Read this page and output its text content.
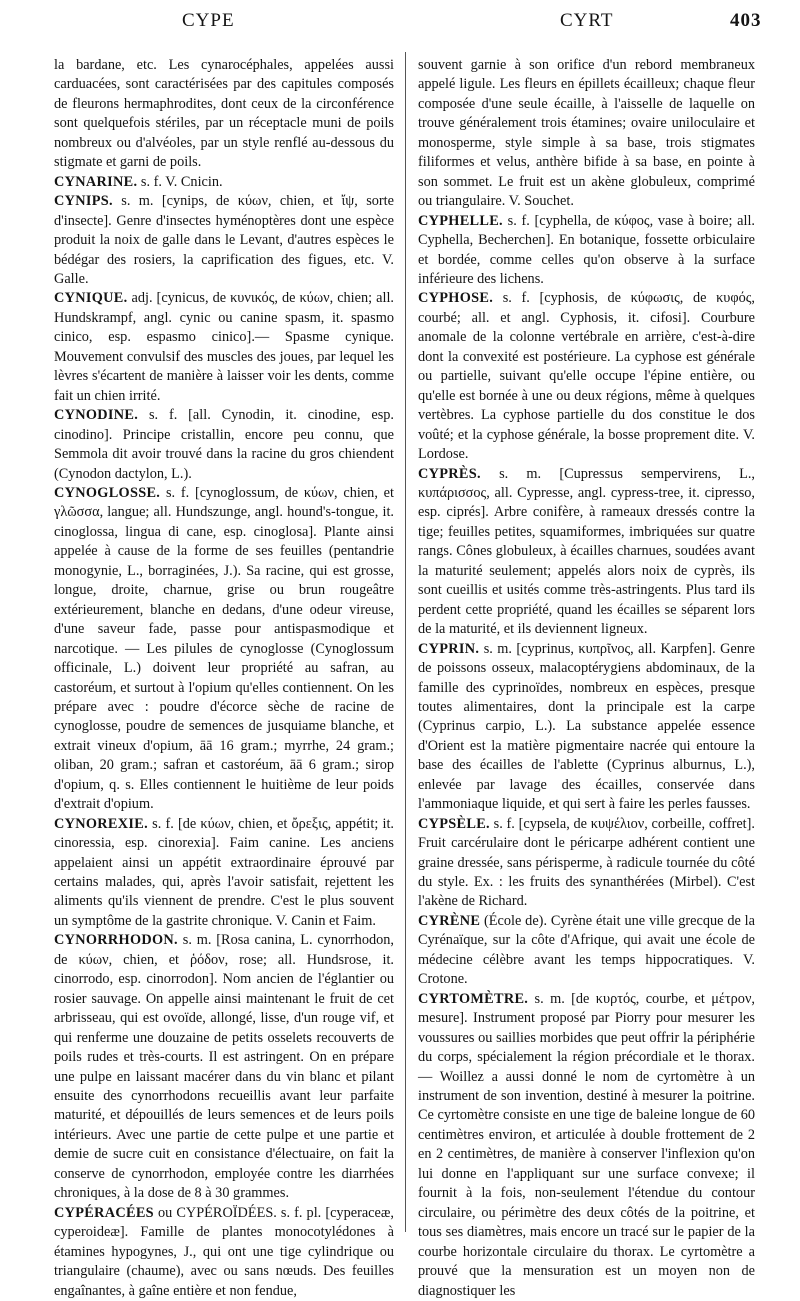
CYPE	CYRT	403

la bardane, etc. Les cynarocéphales, appelées aussi carduacées, sont caractérisées par des capitules composés de fleurons hermaphrodites, dont ceux de la circonférence sont quelquefois stériles, par un réceptacle muni de poils nombreux ou d'alvéoles, par un style renflé au-dessous du stigmate et garni de poils.

CYNARINE. s. f. V. Cnicin.

CYNIPS. s. m. [cynips, de κύων, chien, et ἴψ, sorte d'insecte]. Genre d'insectes hyménoptères dont une espèce produit la noix de galle dans le Levant, d'autres espèces le bédégar des rosiers, la caprification des figues, etc. V. Galle.

CYNIQUE. adj. [cynicus, de κυνικός, de κύων, chien; all. Hundskrampf, angl. cynic ou canine spasm, it. spasmo cinico, esp. espasmo cinico].— Spasme cynique. Mouvement convulsif des muscles des joues, par lequel les lèvres s'écartent de manière à laisser voir les dents, comme fait un chien irrité.

CYNODINE. s. f. [all. Cynodin, it. cinodine, esp. cinodino]. Principe cristallin, encore peu connu, que Semmola dit avoir trouvé dans la racine du gros chiendent (Cynodon dactylon, L.).

CYNOGLOSSE. s. f. [cynoglossum, de κύων, chien, et γλῶσσα, langue; all. Hundszunge, angl. hound's-tongue, it. cinoglossa, lingua di cane, esp. cinoglosa]. Plante ainsi appelée à cause de la forme de ses feuilles (pentandrie monogynie, L., borraginées, J.). Sa racine, qui est grosse, longue, droite, charnue, grise ou brun rougeâtre extérieurement, blanche en dedans, d'une odeur vireuse, d'une saveur fade, passe pour antispasmodique et narcotique. — Les pilules de cynoglosse (Cynoglossum officinale, L.) doivent leur propriété au safran, au castoréum, et surtout à l'opium qu'elles contiennent. On les prépare avec : poudre d'écorce sèche de racine de cynoglosse, poudre de semences de jusquiame blanche, et extrait vineux d'opium, āā 16 gram.; myrrhe, 24 gram.; oliban, 20 gram.; safran et castoréum, āā 6 gram.; sirop d'opium, q. s. Elles contiennent le huitième de leur poids d'extrait d'opium.

CYNOREXIE. s. f. [de κύων, chien, et ὄρεξις, appétit; it. cinoressia, esp. cinorexia]. Faim canine. Les anciens appelaient ainsi un appétit extraordinaire éprouvé par certains malades, qui, après l'avoir satisfait, rejettent les aliments qu'ils viennent de prendre. C'est le plus souvent un symptôme de la gastrite chronique. V. Canin et Faim.

CYNORRHODON. s. m. [Rosa canina, L. cynorrhodon, de κύων, chien, et ῥόδον, rose; all. Hundsrose, it. cinorrodo, esp. cinorrodon]. Nom ancien de l'églantier ou rosier sauvage. On appelle ainsi maintenant le fruit de cet arbrisseau, qui est ovoïde, allongé, lisse, d'un rouge vif, et qui renferme une douzaine de petits osselets recouverts de poils rudes et très-courts. Il est astringent. On en prépare une pulpe en laissant macérer dans du vin blanc et pilant ensuite des cynorrhodons recueillis avant leur parfaite maturité, et dépouillés de leurs semences et de leurs poils intérieurs. Avec une partie de cette pulpe et une partie et demie de sucre cuit en consistance d'électuaire, on fait la conserve de cynorrhodon, employée contre les diarrhées chroniques, à la dose de 8 à 30 grammes.

CYPÉRACÉES ou CYPÉROÏDÉES. s. f. pl. [cyperaceæ, cyperoideæ]. Famille de plantes monocotylédones à étamines hypogynes, J., qui ont une tige cylindrique ou triangulaire (chaume), avec ou sans nœuds. Des feuilles engaînantes, à gaîne entière et non fendue,

souvent garnie à son orifice d'un rebord membraneux appelé ligule. Les fleurs en épillets écailleux; chaque fleur composée d'une seule écaille, à l'aisselle de laquelle on trouve généralement trois étamines; ovaire uniloculaire et monosperme, style simple à sa base, trois stigmates filiformes et velus, anthère bifide à sa base, en pointe à son sommet. Le fruit est un akène globuleux, comprimé ou triangulaire. V. Souchet.

CYPHELLE. s. f. [cyphella, de κύφος, vase à boire; all. Cyphella, Becherchen]. En botanique, fossette orbiculaire et bordée, comme celles qu'on observe à la surface inférieure des lichens.

CYPHOSE. s. f. [cyphosis, de κύφωσις, de κυφός, courbé; all. et angl. Cyphosis, it. cifosi]. Courbure anomale de la colonne vertébrale en arrière, c'est-à-dire dont la convexité est postérieure. La cyphose est générale ou partielle, suivant qu'elle occupe l'épine entière, ou qu'elle est bornée à une ou deux régions, même à quelques vertèbres. La cyphose partielle du dos constitue le dos voûté; et la cyphose générale, la bosse proprement dite. V. Lordose.

CYPRÈS. s. m. [Cupressus sempervirens, L., κυπάρισσος, all. Cypresse, angl. cypress-tree, it. cipresso, esp. ciprés]. Arbre conifère, à rameaux dressés contre la tige; feuilles petites, squamiformes, imbriquées sur quatre rangs. Cônes globuleux, à écailles charnues, soudées avant la maturité seulement; appelés alors noix de cyprès, ils sont cueillis et usités comme très-astringents. Plus tard ils perdent cette propriété, quand les écailles se séparent lors de la maturité, et ils deviennent ligneux.

CYPRIN. s. m. [cyprinus, κυπρῖνος, all. Karpfen]. Genre de poissons osseux, malacoptérygiens abdominaux, de la famille des cyprinoïdes, nombreux en espèces, presque toutes alimentaires, dont la principale est la carpe (Cyprinus carpio, L.). La substance appelée essence d'Orient est la matière pigmentaire nacrée qui entoure la base des écailles de l'ablette (Cyprinus alburnus, L.), enlevée par lavage des écailles, conservée dans l'ammoniaque liquide, et qui sert à faire les perles fausses.

CYPSÈLE. s. f. [cypsela, de κυψέλιον, corbeille, coffret]. Fruit carcérulaire dont le péricarpe adhérent contient une graine dressée, sans périsperme, à radicule tournée du côté du style. Ex. : les fruits des synanthérées (Mirbel). C'est l'akène de Richard.

CYRÈNE (École de). Cyrène était une ville grecque de la Cyrénaïque, sur la côte d'Afrique, qui avait une école de médecine célèbre avant les temps hippocratiques. V. Crotone.

CYRTOMÈTRE. s. m. [de κυρτός, courbe, et μέτρον, mesure]. Instrument proposé par Piorry pour mesurer les voussures ou saillies morbides que peut offrir la périphérie du corps, spécialement la région précordiale et le thorax. — Woillez a aussi donné le nom de cyrtomètre à un instrument de son invention, destiné à mesurer la poitrine. Ce cyrtomètre consiste en une tige de baleine longue de 60 centimètres environ, et articulée à double frottement de 2 en 2 centimètres, de manière à conserver l'inflexion qu'on lui donne en l'appliquant sur une surface convexe; il fournit à la fois, non-seulement l'étendue du contour circulaire, ou périmètre des deux côtés de la poitrine, et tous ses diamètres, mais encore un tracé sur le papier de la courbe horizontale circulaire du thorax. Le cyrtomètre a prouvé que la mensuration est un moyen non de diagnostiquer les
